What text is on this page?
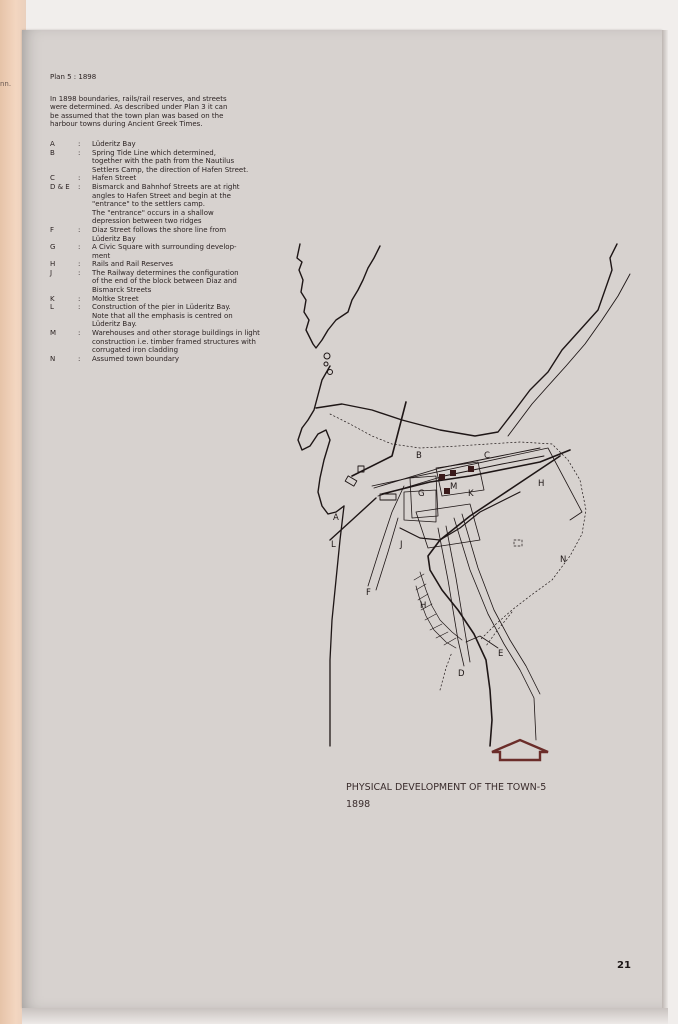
nn.
Plan 5 : 1898
In 1898 boundaries, rails/rail reserves, and streets
were determined. As described under Plan 3 it can
be assumed that the town plan was based on the
harbour towns during Ancient Greek Times.
A	:	Lüderitz Bay
B	:	Spring Tide Line which determined,
together with the path from the Nautilus
Settlers Camp, the direction of Hafen Street.
C	:	Hafen Street
D & E	:	Bismarck and Bahnhof Streets are at right
angles to Hafen Street and begin at the
"entrance" to the settlers camp.
The "entrance" occurs in a shallow
depression between two ridges
F	:	Diaz Street follows the shore line from
Lüderitz Bay
G	:	A Civic Square with surrounding develop-
ment
H	:	Rails and Rail Reserves
J	:	The Railway determines the configuration
of the end of the block between Diaz and
Bismarck Streets
K	:	Moltke Street
L	:	Construction of the pier in Lüderitz Bay.
Note that all the emphasis is centred on
Lüderitz Bay.
M	:	Warehouses and other storage buildings in light
construction i.e. timber framed structures with
corrugated iron cladding
N	:	Assumed town boundary
A
B	C
D
E
F
G
H
H
J
K
L
M
N
PHYSICAL DEVELOPMENT OF THE TOWN-5
1898
21
